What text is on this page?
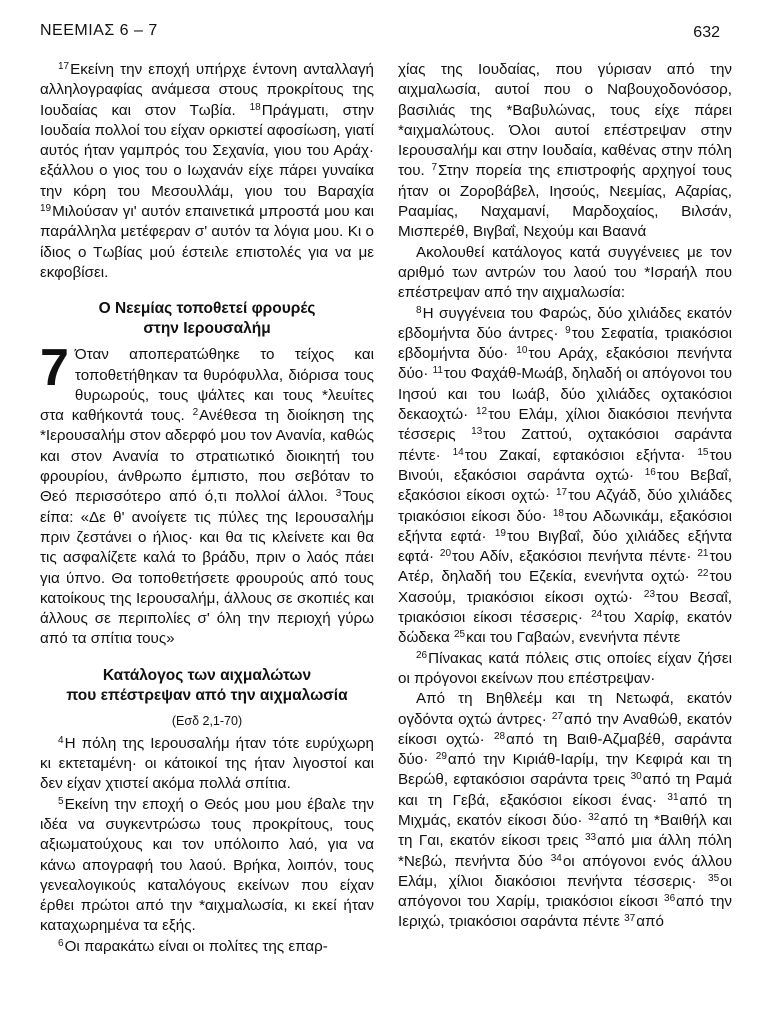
ΝΕΕΜΙΑΣ 6 – 7	632

$^{17}$Εκείνη την εποχή υπήρχε έντονη ανταλλαγή αλληλογραφίας ανάμεσα στους προκρίτους της Ιουδαίας και στον Τωβία. $^{18}$Πράγματι, στην Ιουδαία πολλοί του είχαν ορκιστεί αφοσίωση, γιατί αυτός ήταν γαμπρός του Σεχανία, γιου του Αράχ· εξάλλου ο γιος του ο Ιωχανάν είχε πάρει γυναίκα την κόρη του Μεσουλλάμ, γιου του Βαραχία $^{19}$Μιλούσαν γι' αυτόν επαινετικά μπροστά μου και παράλληλα μετέφεραν σ' αυτόν τα λόγια μου. Κι ο ίδιος ο Τωβίας μού έστειλε επιστολές για να με εκφοβίσει.

Ο Νεεμίας τοποθετεί φρουρές
στην Ιερουσαλήμ

7 Όταν αποπερατώθηκε το τείχος και τοποθετήθηκαν τα θυρόφυλλα, διόρισα τους θυρωρούς, τους ψάλτες και τους *λευίτες στα καθήκοντά τους. $^2$Ανέθεσα τη διοίκηση της *Ιερουσαλήμ στον αδερφό μου τον Ανανία, καθώς και στον Ανανία το στρατιωτικό διοικητή του φρουρίου, άνθρωπο έμπιστο, που σεβόταν το Θεό περισσότερο από ό,τι πολλοί άλλοι. $^3$Τους είπα: «Δε θ' ανοίγετε τις πύλες της Ιερουσαλήμ πριν ζεστάνει ο ήλιος· και θα τις κλείνετε και θα τις ασφαλίζετε καλά το βράδυ, πριν ο λαός πάει για ύπνο. Θα τοποθετήσετε φρουρούς από τους κατοίκους της Ιερουσαλήμ, άλλους σε σκοπιές και άλλους σε περιπολίες σ' όλη την περιοχή γύρω από τα σπίτια τους»

Κατάλογος των αιχμαλώτων
που επέστρεψαν από την αιχμαλωσία
(Εσδ 2,1-70)

$^4$Η πόλη της Ιερουσαλήμ ήταν τότε ευρύχωρη κι εκτεταμένη· οι κάτοικοί της ήταν λιγοστοί και δεν είχαν χτιστεί ακόμα πολλά σπίτια.

$^5$Εκείνη την εποχή ο Θεός μου μου έβαλε την ιδέα να συγκεντρώσω τους προκρίτους, τους αξιωματούχους και τον υπόλοιπο λαό, για να κάνω απογραφή του λαού. Βρήκα, λοιπόν, τους γενεαλογικούς καταλόγους εκείνων που είχαν έρθει πρώτοι από την *αιχμαλωσία, κι εκεί ήταν καταχωρημένα τα εξής.

$^6$Οι παρακάτω είναι οι πολίτες της επαρ-

χίας της Ιουδαίας, που γύρισαν από την αιχμαλωσία, αυτοί που ο Ναβουχοδονόσορ, βασιλιάς της *Βαβυλώνας, τους είχε πάρει *αιχμαλώτους. Όλοι αυτοί επέστρεψαν στην Ιερουσαλήμ και στην Ιουδαία, καθένας στην πόλη του. $^7$Στην πορεία της επιστροφής αρχηγοί τους ήταν οι Ζοροβάβελ, Ιησούς, Νεεμίας, Αζαρίας, Ρααμίας, Ναχαμανί, Μαρδοχαίος, Βιλσάν, Μισπερέθ, Βιγβαΐ, Νεχούμ και Βαανά

Ακολουθεί κατάλογος κατά συγγένειες με τον αριθμό των αντρών του λαού του *Ισραήλ που επέστρεψαν από την αιχμαλωσία:

$^8$Η συγγένεια του Φαρώς, δύο χιλιάδες εκατόν εβδομήντα δύο άντρες· $^9$του Σεφατία, τριακόσιοι εβδομήντα δύο· $^{10}$του Αράχ, εξακόσιοι πενήντα δύο· $^{11}$του Φαχάθ-Μωάβ, δηλαδή οι απόγονοι του Ιησού και του Ιωάβ, δύο χιλιάδες οχτακόσιοι δεκαοχτώ· $^{12}$του Ελάμ, χίλιοι διακόσιοι πενήντα τέσσερις $^{13}$του Ζαττού, οχτακόσιοι σαράντα πέντε· $^{14}$του Ζακαί, εφτακόσιοι εξήντα· $^{15}$του Βινούι, εξακόσιοι σαράντα οχτώ· $^{16}$του Βεβαΐ, εξακόσιοι είκοσι οχτώ· $^{17}$του Αζγάδ, δύο χιλιάδες τριακόσιοι είκοσι δύο· $^{18}$του Αδωνικάμ, εξακόσιοι εξήντα εφτά· $^{19}$του Βιγβαΐ, δύο χιλιάδες εξήντα εφτά· $^{20}$του Αδίν, εξακόσιοι πενήντα πέντε· $^{21}$του Ατέρ, δηλαδή του Εζεκία, ενενήντα οχτώ· $^{22}$του Χασούμ, τριακόσιοι είκοσι οχτώ· $^{23}$του Βεσαΐ, τριακόσιοι είκοσι τέσσερις· $^{24}$του Χαρίφ, εκατόν δώδεκα $^{25}$και του Γαβαών, ενενήντα πέντε

$^{26}$Πίνακας κατά πόλεις στις οποίες είχαν ζήσει οι πρόγονοι εκείνων που επέστρεψαν·

Από τη Βηθλεέμ και τη Νετωφά, εκατόν ογδόντα οχτώ άντρες· $^{27}$από την Αναθώθ, εκατόν είκοσι οχτώ· $^{28}$από τη Βαιθ-Αζμαβέθ, σαράντα δύο· $^{29}$από την Κιριάθ-Ιαρίμ, την Κεφιρά και τη Βερώθ, εφτακόσιοι σαράντα τρεις $^{30}$από τη Ραμά και τη Γεβά, εξακόσιοι είκοσι ένας· $^{31}$από τη Μιχμάς, εκατόν είκοσι δύο· $^{32}$από τη *Βαιθήλ και τη Γαι, εκατόν είκοσι τρεις $^{33}$από μια άλλη πόλη *Νεβώ, πενήντα δύο $^{34}$οι απόγονοι ενός άλλου Ελάμ, χίλιοι διακόσιοι πενήντα τέσσερις· $^{35}$οι απόγονοι του Χαρίμ, τριακόσιοι είκοσι $^{36}$από την Ιεριχώ, τριακόσιοι σαράντα πέντε $^{37}$από
